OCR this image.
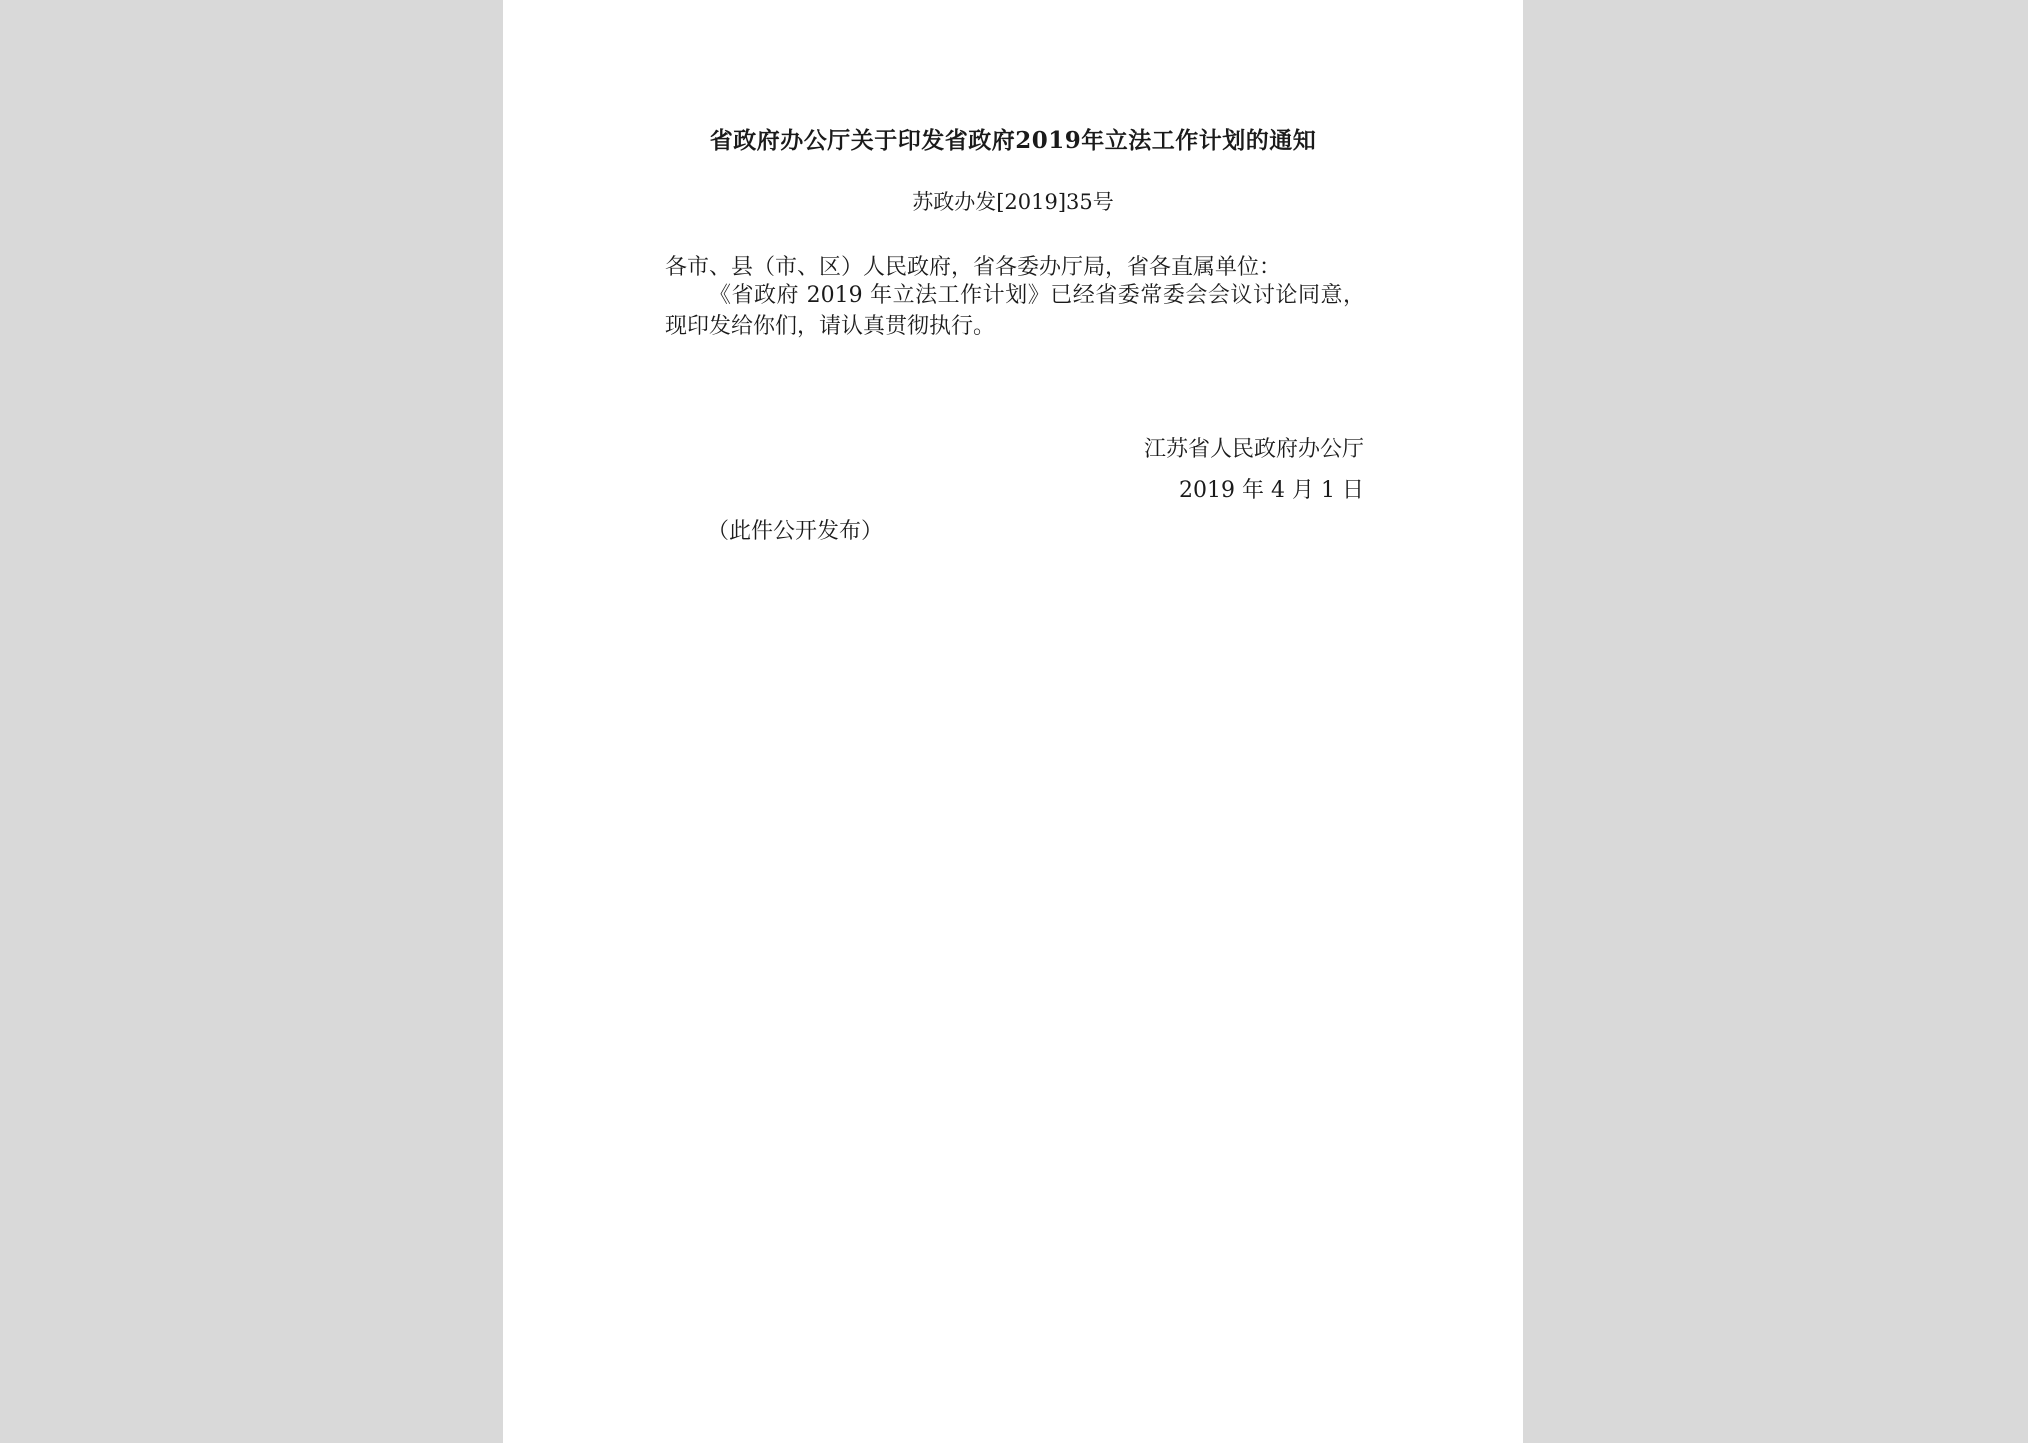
省政府办公厅关于印发省政府2019年立法工作计划的通知
苏政办发[2019]35号
各市、县（市、区）人民政府，省各委办厅局，省各直属单位：
《省政府 2019 年立法工作计划》已经省委常委会会议讨论同意，现印发给你们，请认真贯彻执行。
江苏省人民政府办公厅
2019 年 4 月 1 日
（此件公开发布）
